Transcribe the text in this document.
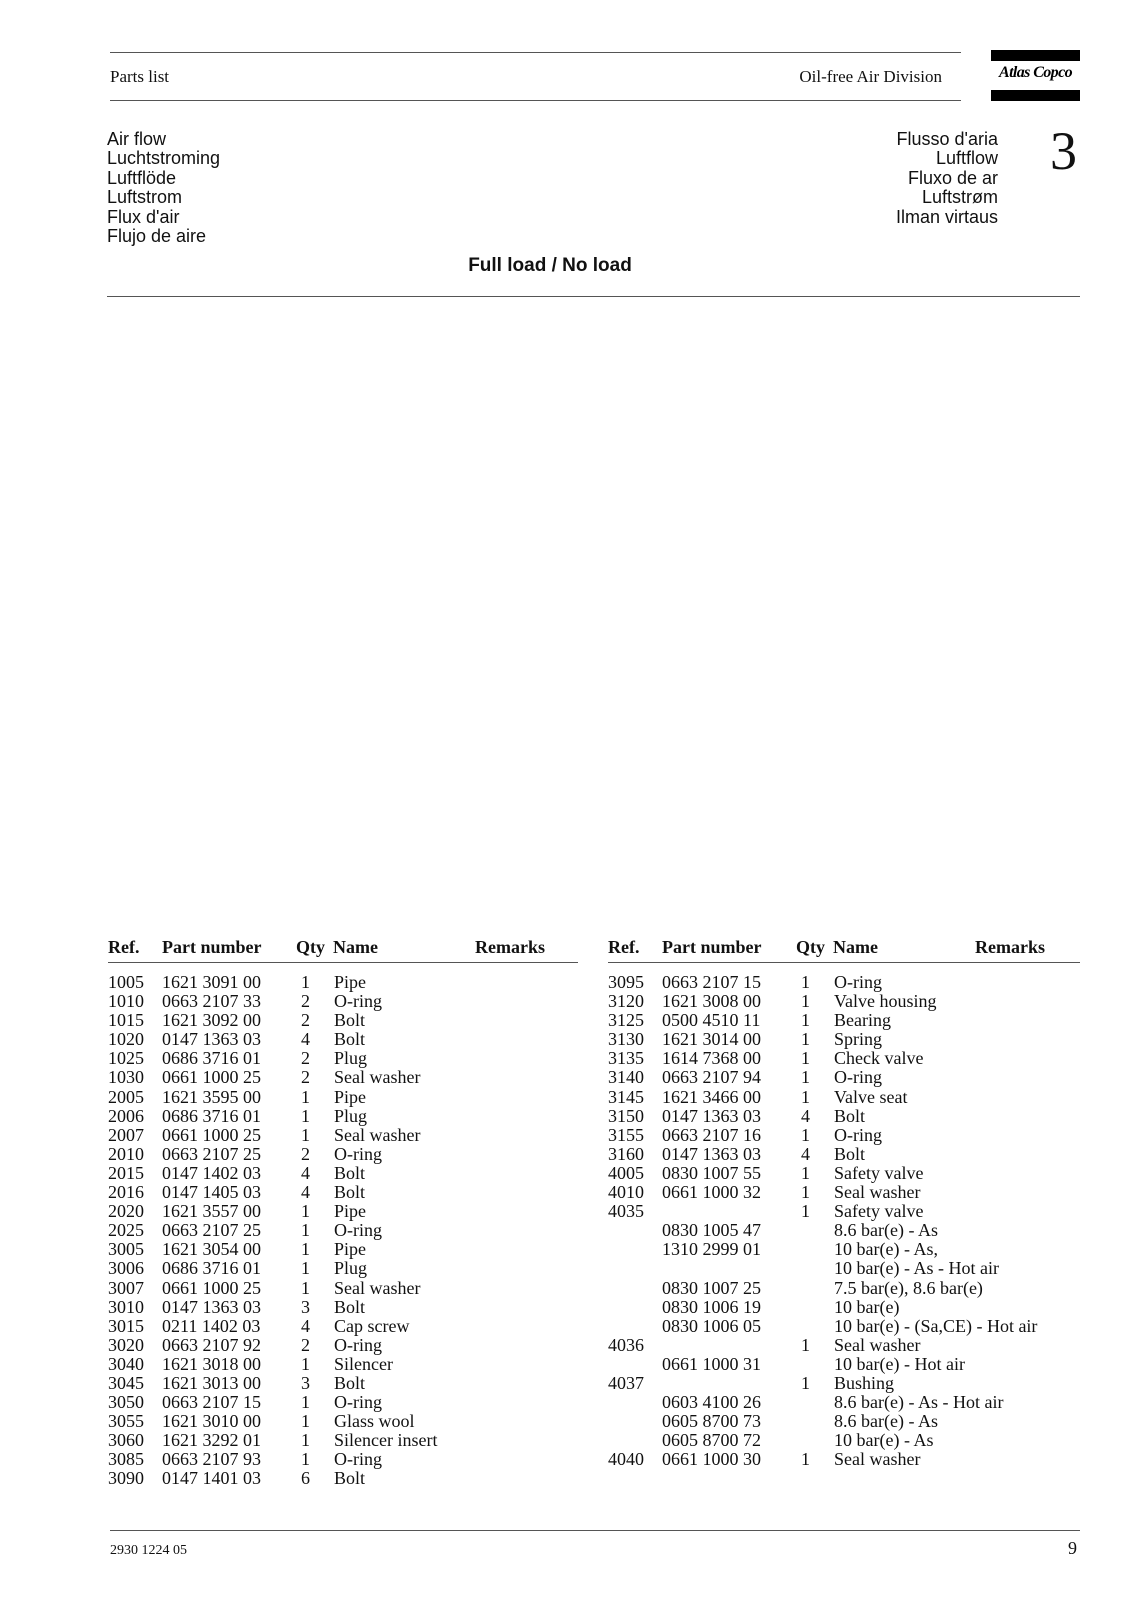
Parts list	Oil-free Air Division	Atlas Copco
Air flow
Luchtstroming
Luftflöde
Luftstrom
Flux d'air
Flujo de aire
Flusso d'aria
Luftflow
Fluxo de ar
Luftstrøm
Ilman virtaus
3
Full load / No load
Ref. Part number Qty Name	Remarks
1005 1621 3091 00 1 Pipe
1010 0663 2107 33 2 O-ring
1015 1621 3092 00 2 Bolt
1020 0147 1363 03 4 Bolt
1025 0686 3716 01 2 Plug
1030 0661 1000 25 2 Seal washer
2005 1621 3595 00 1 Pipe
2006 0686 3716 01 1 Plug
2007 0661 1000 25 1 Seal washer
2010 0663 2107 25 2 O-ring
2015 0147 1402 03 4 Bolt
2016 0147 1405 03 4 Bolt
2020 1621 3557 00 1 Pipe
2025 0663 2107 25 1 O-ring
3005 1621 3054 00 1 Pipe
3006 0686 3716 01 1 Plug
3007 0661 1000 25 1 Seal washer
3010 0147 1363 03 3 Bolt
3015 0211 1402 03 4 Cap screw
3020 0663 2107 92 2 O-ring
3040 1621 3018 00 1 Silencer
3045 1621 3013 00 3 Bolt
3050 0663 2107 15 1 O-ring
3055 1621 3010 00 1 Glass wool
3060 1621 3292 01 1 Silencer insert
3085 0663 2107 93 1 O-ring
3090 0147 1401 03 6 Bolt
Ref. Part number Qty Name	Remarks
3095 0663 2107 15 1 O-ring
3120 1621 3008 00 1 Valve housing
3125 0500 4510 11 1 Bearing
3130 1621 3014 00 1 Spring
3135 1614 7368 00 1 Check valve
3140 0663 2107 94 1 O-ring
3145 1621 3466 00 1 Valve seat
3150 0147 1363 03 4 Bolt
3155 0663 2107 16 1 O-ring
3160 0147 1363 03 4 Bolt
4005 0830 1007 55 1 Safety valve
4010 0661 1000 32 1 Seal washer
4035	1 Safety valve
0830 1005 47	8.6 bar(e) - As
1310 2999 01	10 bar(e) - As,
10 bar(e) - As - Hot air
0830 1007 25	7.5 bar(e), 8.6 bar(e)
0830 1006 19	10 bar(e)
0830 1006 05	10 bar(e) - (Sa,CE) - Hot air
4036	1 Seal washer
0661 1000 31	10 bar(e) - Hot air
4037	1 Bushing
0603 4100 26	8.6 bar(e) - As - Hot air
0605 8700 73	8.6 bar(e) - As
0605 8700 72	10 bar(e) - As
4040 0661 1000 30 1 Seal washer
2930 1224 05	9
